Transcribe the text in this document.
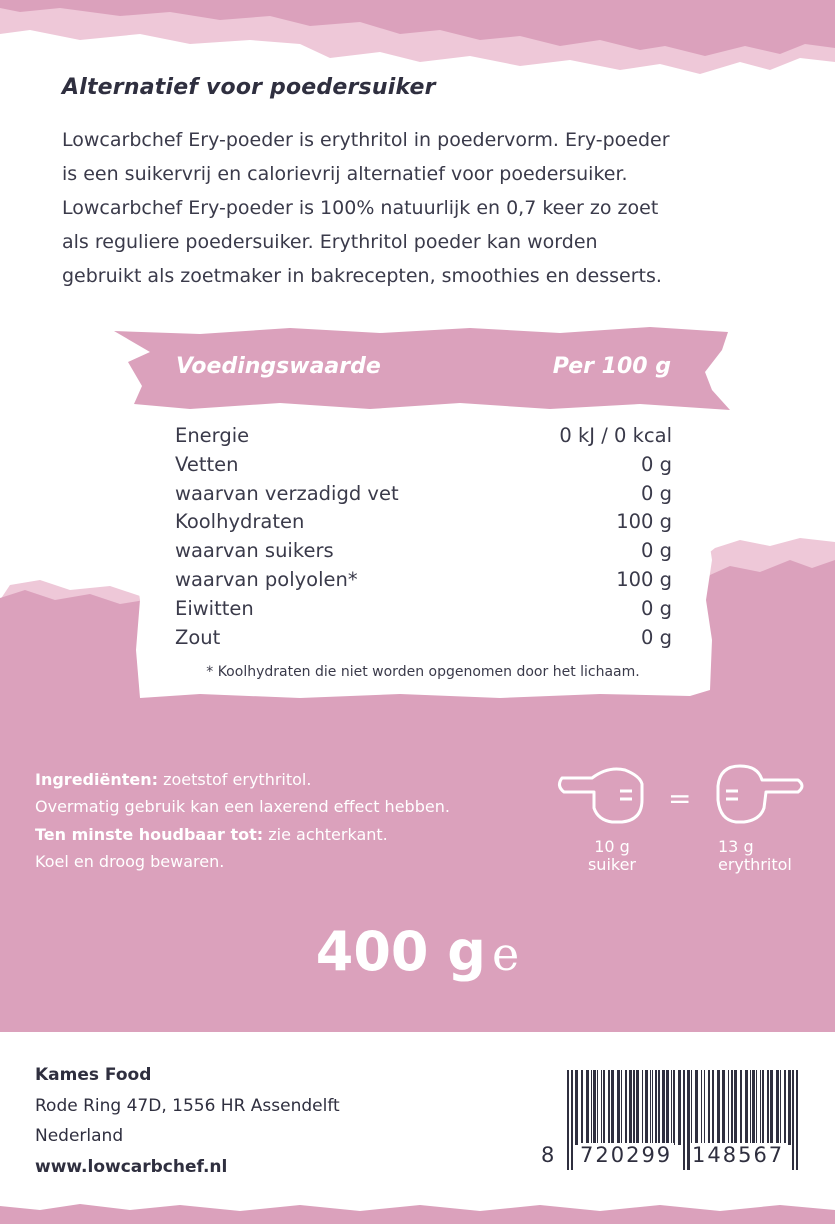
Alternatief voor poedersuiker
Lowcarbchef Ery-poeder is erythritol in poedervorm. Ery-poeder
is een suikervrij en calorievrij alternatief voor poedersuiker.
Lowcarbchef Ery-poeder is 100% natuurlijk en 0,7 keer zo zoet
als reguliere poedersuiker. Erythritol poeder kan worden
gebruikt als zoetmaker in bakrecepten, smoothies en desserts.
Voedingswaarde	Per 100 g
Energie	0 kJ / 0 kcal
Vetten	0 g
waarvan verzadigd vet	0 g
Koolhydraten	100 g
waarvan suikers	0 g
waarvan polyolen*	100 g
Eiwitten	0 g
Zout	0 g
* Koolhydraten die niet worden opgenomen door het lichaam.
Ingrediënten: zoetstof erythritol.
Overmatig gebruik kan een laxerend effect hebben.
Ten minste houdbaar tot: zie achterkant.
Koel en droog bewaren.
=
10 g
suiker
13 g
erythritol
400 g e
Kames Food
Rode Ring 47D, 1556 HR Assendelft
Nederland
www.lowcarbchef.nl	8 720299 148567
